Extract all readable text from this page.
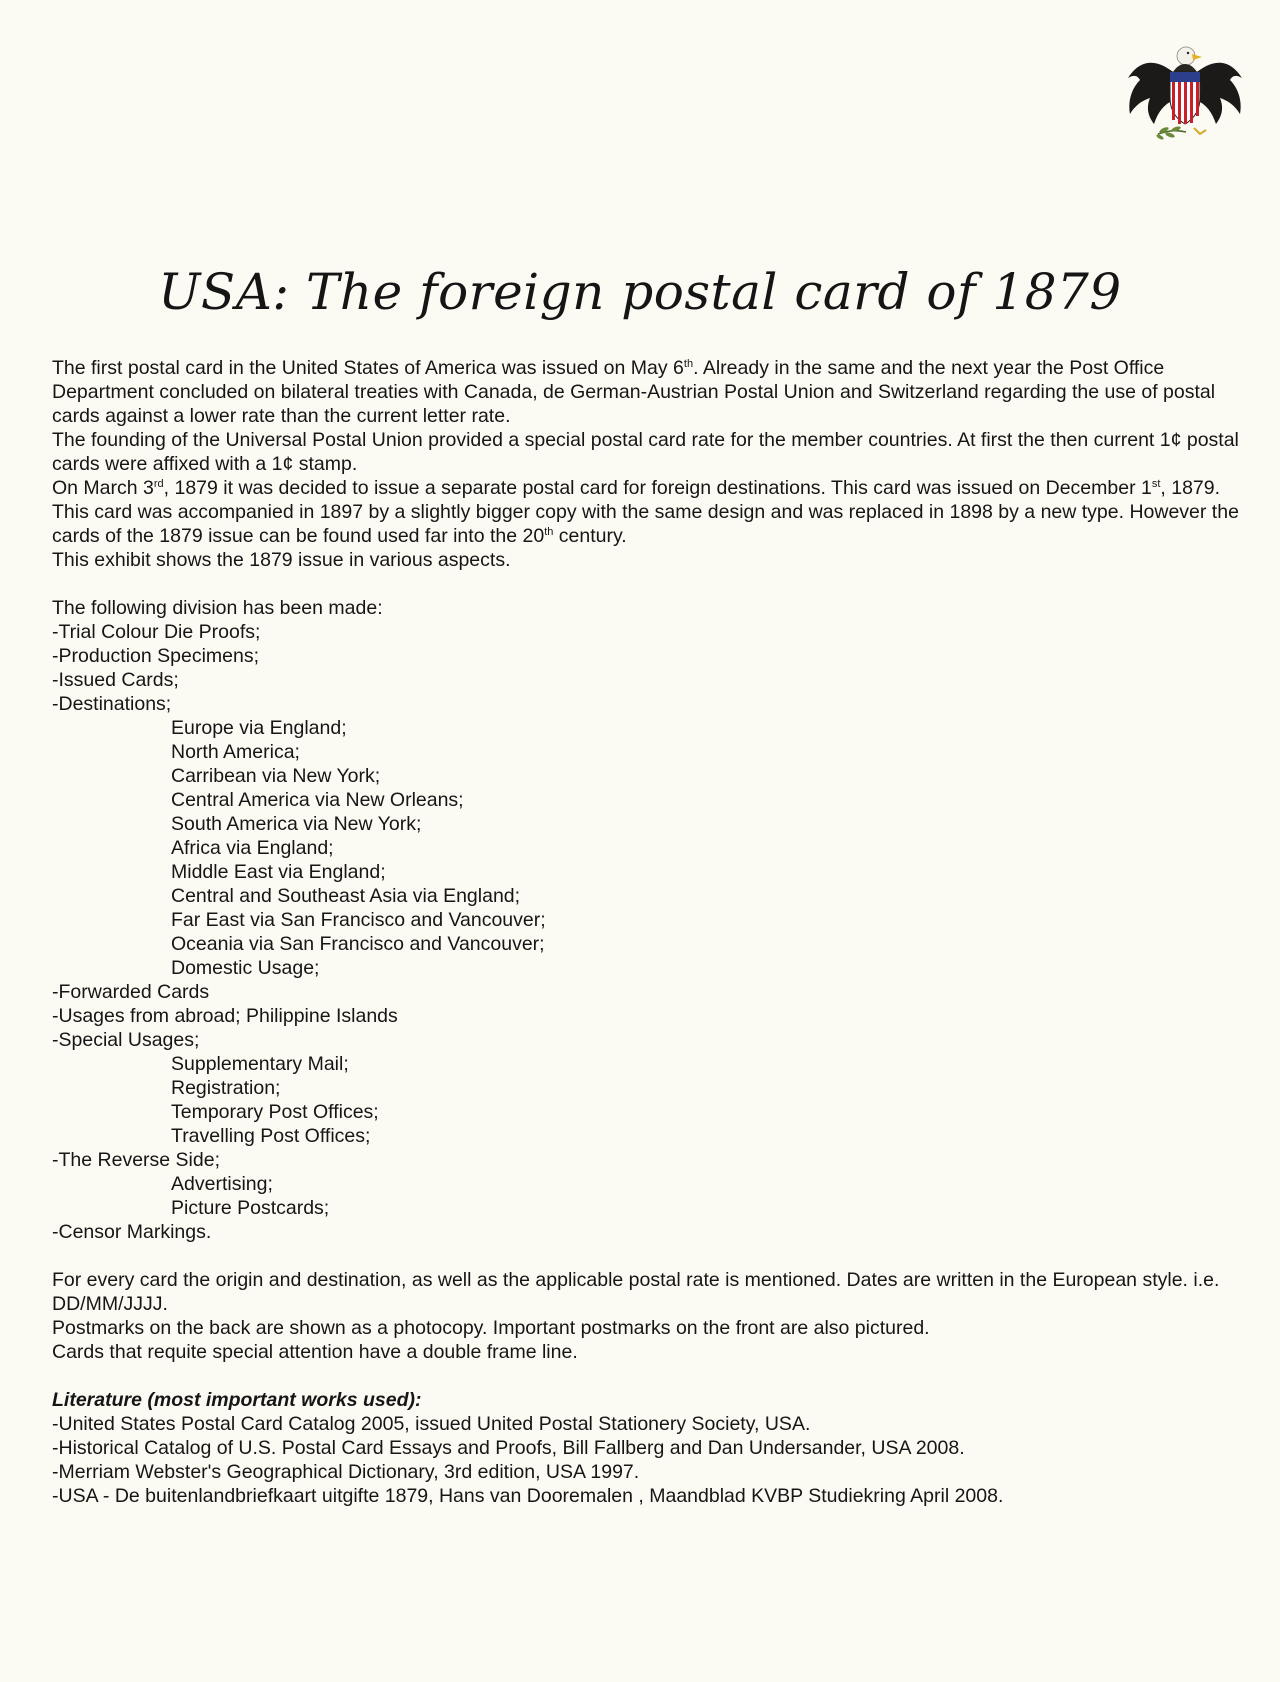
USA: The foreign postal card of 1879

The first postal card in the United States of America was issued on May 6th. Already in the same and the next year the Post Office Department concluded on bilateral treaties with Canada, de German-Austrian Postal Union and Switzerland regarding the use of postal cards against a lower rate than the current letter rate.

The founding of the Universal Postal Union provided a special postal card rate for the member countries. At first the then current 1¢ postal cards were affixed with a 1¢ stamp.

On March 3rd, 1879 it was decided to issue a separate postal card for foreign destinations. This card was issued on December 1st, 1879. This card was accompanied in 1897 by a slightly bigger copy with the same design and was replaced in 1898 by a new type. However the cards of the 1879 issue can be found used far into the 20th century.

This exhibit shows the 1879 issue in various aspects.

The following division has been made:
-Trial Colour Die Proofs;
-Production Specimens;
-Issued Cards;
-Destinations;
Europe via England;
North America;
Carribean via New York;
Central America via New Orleans;
South America via New York;
Africa via England;
Middle East via England;
Central and Southeast Asia via England;
Far East via San Francisco and Vancouver;
Oceania via San Francisco and Vancouver;
Domestic Usage;
-Forwarded Cards
-Usages from abroad; Philippine Islands
-Special Usages;
Supplementary Mail;
Registration;
Temporary Post Offices;
Travelling Post Offices;
-The Reverse Side;
Advertising;
Picture Postcards;
-Censor Markings.

For every card the origin and destination, as well as the applicable postal rate is mentioned. Dates are written in the European style. i.e. DD/MM/JJJJ.

Postmarks on the back are shown as a photocopy. Important postmarks on the front are also pictured.

Cards that requite special attention have a double frame line.

Literature (most important works used):
-United States Postal Card Catalog 2005, issued United Postal Stationery Society, USA.
-Historical Catalog of U.S. Postal Card Essays and Proofs, Bill Fallberg and Dan Undersander, USA 2008.
-Merriam Webster's Geographical Dictionary, 3rd edition, USA 1997.
-USA - De buitenlandbriefkaart uitgifte 1879, Hans van Dooremalen , Maandblad KVBP Studiekring April 2008.
